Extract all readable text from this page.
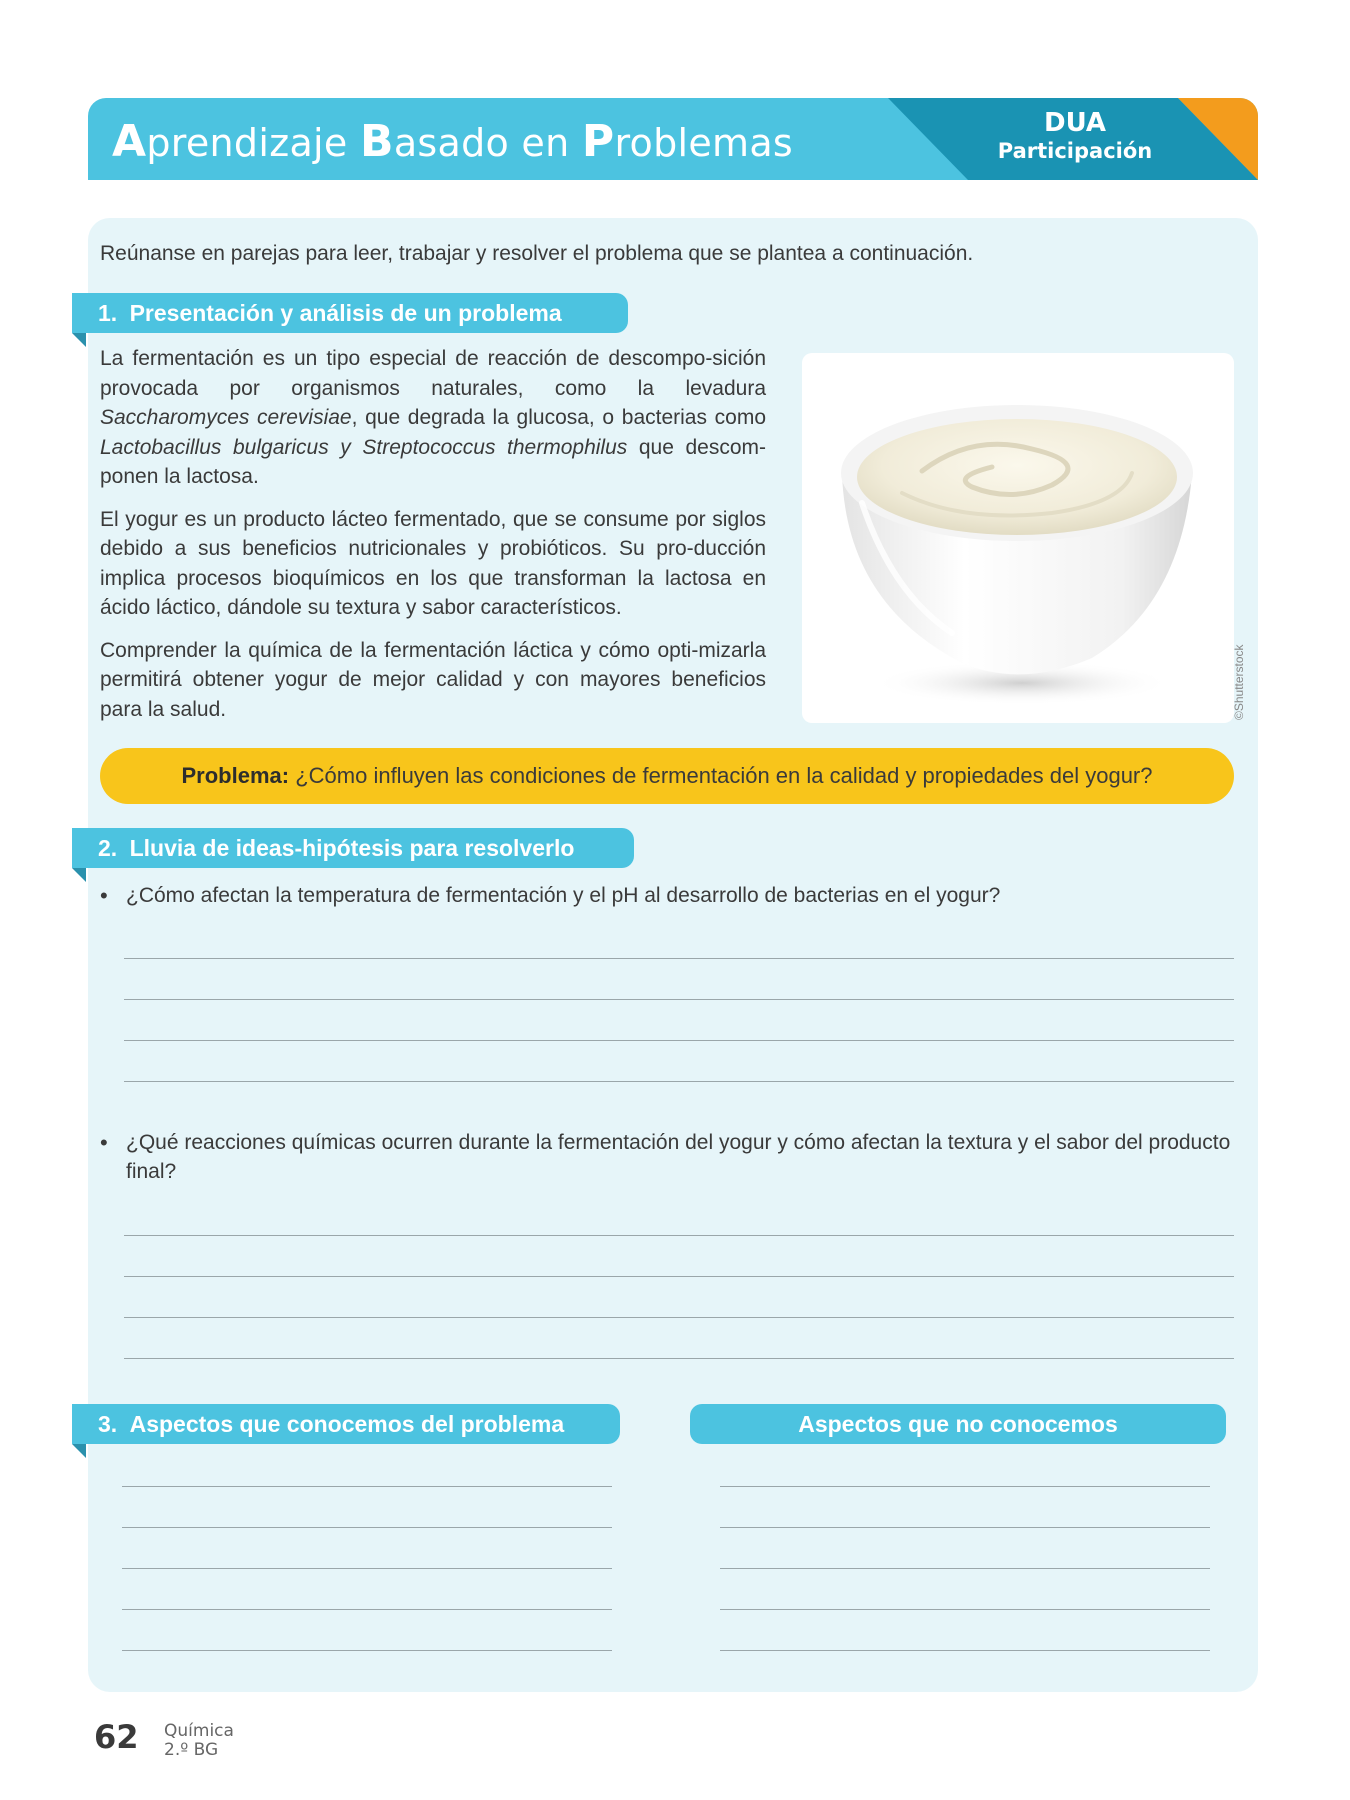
Aprendizaje Basado en Problemas	DUA
Participación
Reúnanse en parejas para leer, trabajar y resolver el problema que se plantea a continuación.
1. Presentación y análisis de un problema

La fermentación es un tipo especial de reacción de descompo-sición provocada por organismos naturales, como la levadura Saccharomyces cerevisiae, que degrada la glucosa, o bacterias como Lactobacillus bulgaricus y Streptococcus thermophilus que descom-ponen la lactosa.

El yogur es un producto lácteo fermentado, que se consume por siglos debido a sus beneficios nutricionales y probióticos. Su pro-ducción implica procesos bioquímicos en los que transforman la lactosa en ácido láctico, dándole su textura y sabor característicos.

Comprender la química de la fermentación láctica y cómo opti-mizarla permitirá obtener yogur de mejor calidad y con mayores beneficios para la salud.	©Shutterstock
Problema: ¿Cómo influyen las condiciones de fermentación en la calidad y propiedades del yogur?
2. Lluvia de ideas-hipótesis para resolverlo
• ¿Cómo afectan la temperatura de fermentación y el pH al desarrollo de bacterias en el yogur?
• ¿Qué reacciones químicas ocurren durante la fermentación del yogur y cómo afectan la textura y el sabor del producto final?
3. Aspectos que conocemos del problema	Aspectos que no conocemos
62 Química
2.º BG
